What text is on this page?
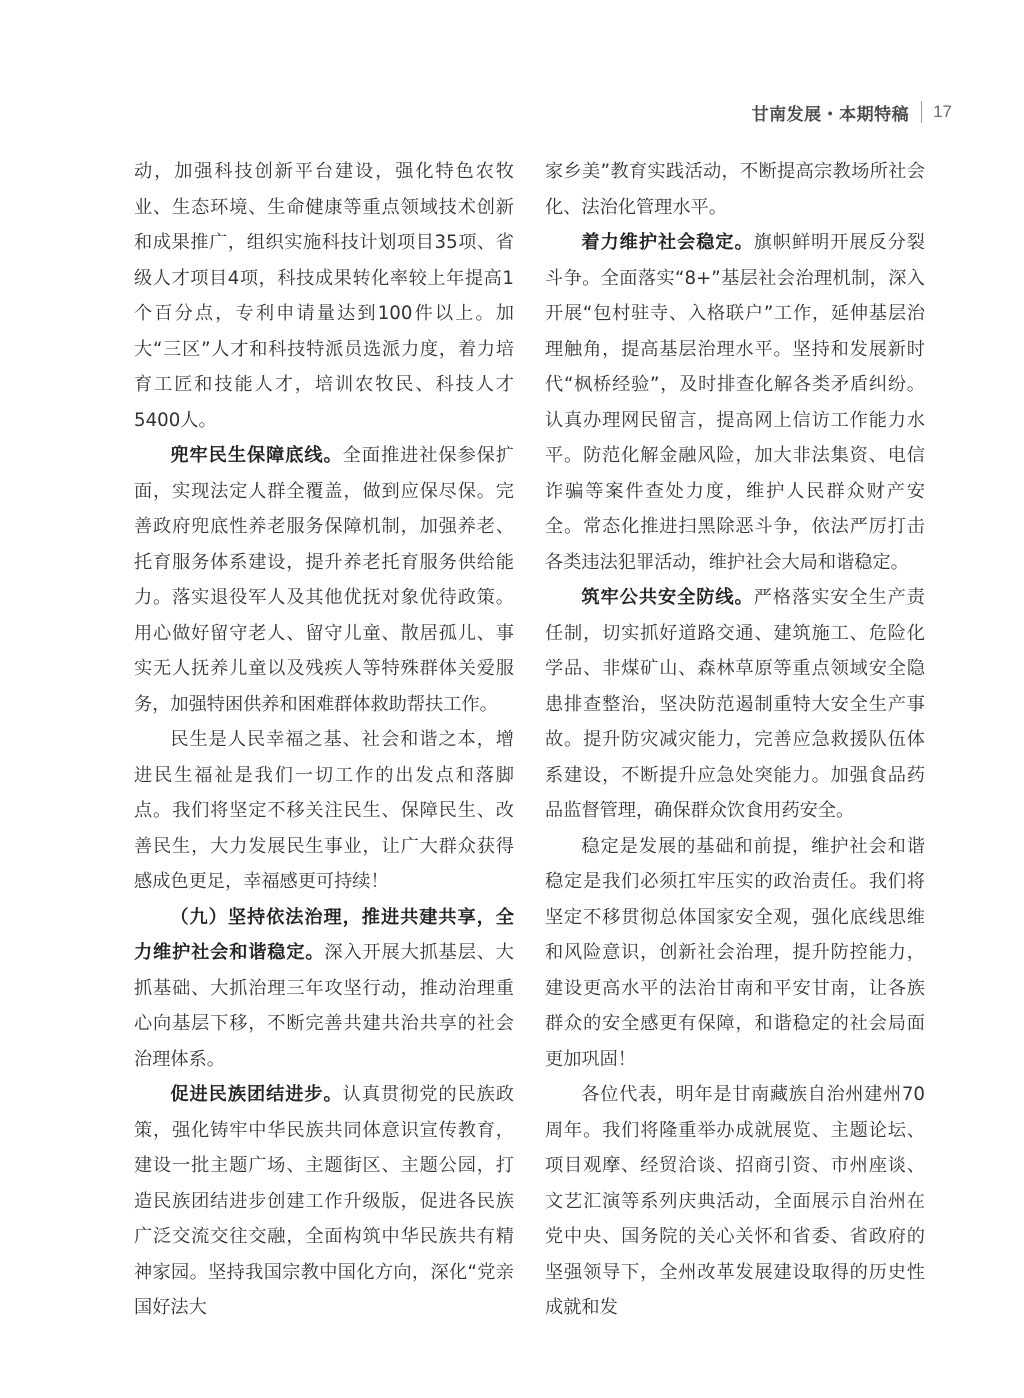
甘南发展・本期特稿 17

动，加强科技创新平台建设，强化特色农牧业、生态环境、生命健康等重点领域技术创新和成果推广，组织实施科技计划项目35项、省级人才项目4项，科技成果转化率较上年提高1个百分点，专利申请量达到100件以上。加大“三区”人才和科技特派员选派力度，着力培育工匠和技能人才，培训农牧民、科技人才5400人。

兜牢民生保障底线。全面推进社保参保扩面，实现法定人群全覆盖，做到应保尽保。完善政府兜底性养老服务保障机制，加强养老、托育服务体系建设，提升养老托育服务供给能力。落实退役军人及其他优抚对象优待政策。用心做好留守老人、留守儿童、散居孤儿、事实无人抚养儿童以及残疾人等特殊群体关爱服务，加强特困供养和困难群体救助帮扶工作。

民生是人民幸福之基、社会和谐之本，增进民生福祉是我们一切工作的出发点和落脚点。我们将坚定不移关注民生、保障民生、改善民生，大力发展民生事业，让广大群众获得感成色更足，幸福感更可持续！

（九）坚持依法治理，推进共建共享，全力维护社会和谐稳定。深入开展大抓基层、大抓基础、大抓治理三年攻坚行动，推动治理重心向基层下移，不断完善共建共治共享的社会治理体系。

促进民族团结进步。认真贯彻党的民族政策，强化铸牢中华民族共同体意识宣传教育，建设一批主题广场、主题街区、主题公园，打造民族团结进步创建工作升级版，促进各民族广泛交流交往交融，全面构筑中华民族共有精神家园。坚持我国宗教中国化方向，深化“党亲国好法大

家乡美”教育实践活动，不断提高宗教场所社会化、法治化管理水平。

着力维护社会稳定。旗帜鲜明开展反分裂斗争。全面落实“8+”基层社会治理机制，深入开展“包村驻寺、入格联户”工作，延伸基层治理触角，提高基层治理水平。坚持和发展新时代“枫桥经验”，及时排查化解各类矛盾纠纷。认真办理网民留言，提高网上信访工作能力水平。防范化解金融风险，加大非法集资、电信诈骗等案件查处力度，维护人民群众财产安全。常态化推进扫黑除恶斗争，依法严厉打击各类违法犯罪活动，维护社会大局和谐稳定。

筑牢公共安全防线。严格落实安全生产责任制，切实抓好道路交通、建筑施工、危险化学品、非煤矿山、森林草原等重点领域安全隐患排查整治，坚决防范遏制重特大安全生产事故。提升防灾减灾能力，完善应急救援队伍体系建设，不断提升应急处突能力。加强食品药品监督管理，确保群众饮食用药安全。

稳定是发展的基础和前提，维护社会和谐稳定是我们必须扛牢压实的政治责任。我们将坚定不移贯彻总体国家安全观，强化底线思维和风险意识，创新社会治理，提升防控能力，建设更高水平的法治甘南和平安甘南，让各族群众的安全感更有保障，和谐稳定的社会局面更加巩固！

各位代表，明年是甘南藏族自治州建州70周年。我们将隆重举办成就展览、主题论坛、项目观摩、经贸洽谈、招商引资、市州座谈、文艺汇演等系列庆典活动，全面展示自治州在党中央、国务院的关心关怀和省委、省政府的坚强领导下，全州改革发展建设取得的历史性成就和发
